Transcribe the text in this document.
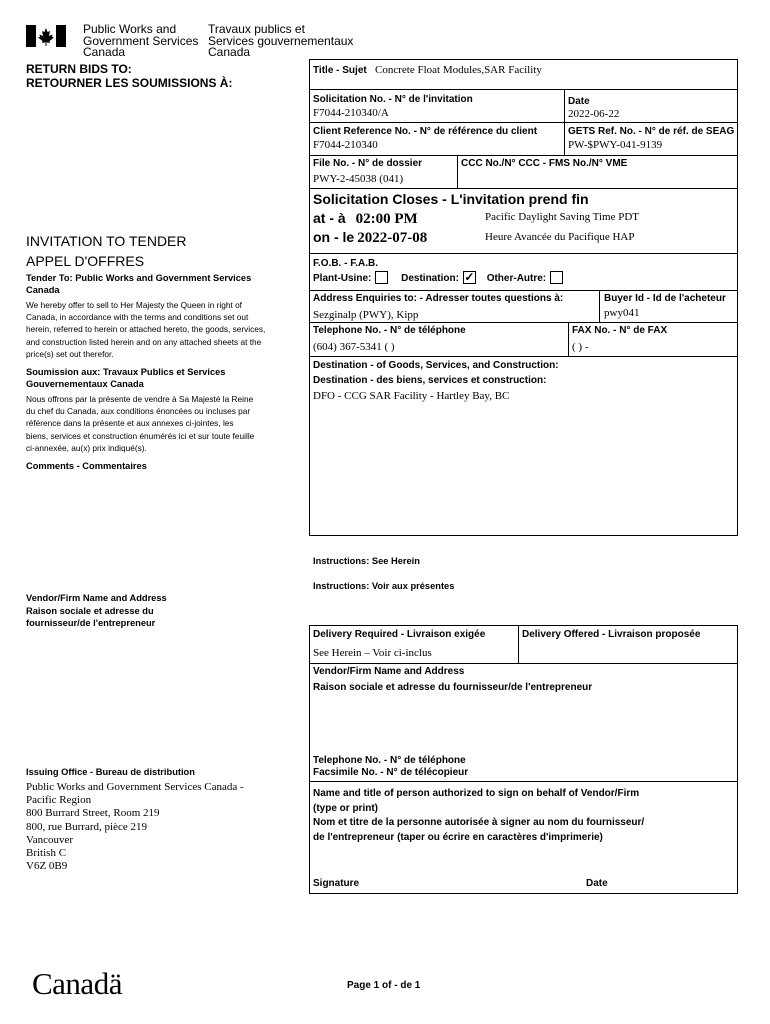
Public Works and
Government Services
Canada
Travaux publics et
Services gouvernementaux
Canada
RETURN BIDS TO:
RETOURNER LES SOUMISSIONS À:
INVITATION TO TENDER
APPEL D'OFFRES
Tender To: Public Works and Government Services Canada
We hereby offer to sell to Her Majesty the Queen in right of Canada, in accordance with the terms and conditions set out herein, referred to herein or attached hereto, the goods, services, and construction listed herein and on any attached sheets at the price(s) set out therefor.
Soumission aux: Travaux Publics et Services Gouvernementaux Canada
Nous offrons par la présente de vendre à Sa Majesté la Reine du chef du Canada, aux conditions énoncées ou incluses par référence dans la présente et aux annexes ci-jointes, les biens, services et construction énumérés ici et sur toute feuille ci-annexée, au(x) prix indiqué(s).
Comments - Commentaires
Vendor/Firm Name and Address
Raison sociale et adresse du
fournisseur/de l'entrepreneur
Issuing Office - Bureau de distribution
Public Works and Government Services Canada -
Pacific Region
800 Burrard Street, Room 219
800, rue Burrard, pièce 219
Vancouver
British C
V6Z 0B9
Title - Sujet Concrete Float Modules,SAR Facility
Solicitation No. - N° de l'invitation
F7044-210340/A
Date
2022-06-22
Client Reference No. - N° de référence du client
F7044-210340
GETS Ref. No. - N° de réf. de SEAG
PW-$PWY-041-9139
File No. - N° de dossier
PWY-2-45038 (041)
CCC No./N° CCC - FMS No./N° VME
Solicitation Closes - L'invitation prend fin
at - à 02:00 PM
on - le 2022-07-08
Pacific Daylight Saving Time PDT
Heure Avancée du Pacifique HAP
F.O.B. - F.A.B.
Plant-Usine:	Destination: ✓ Other-Autre:
Address Enquiries to: - Adresser toutes questions à:
Sezginalp (PWY), Kipp
Buyer Id - Id de l'acheteur
pwy041
Telephone No. - N° de téléphone
(604) 367-5341 ( )
FAX No. - N° de FAX
( ) -
Destination - of Goods, Services, and Construction:
Destination - des biens, services et construction:
DFO - CCG SAR Facility - Hartley Bay, BC
Instructions: See Herein
Instructions: Voir aux présentes
Delivery Required - Livraison exigée
See Herein – Voir ci-inclus
Delivery Offered - Livraison proposée
Vendor/Firm Name and Address
Raison sociale et adresse du fournisseur/de l'entrepreneur
Telephone No. - N° de téléphone
Facsimile No. - N° de télécopieur
Name and title of person authorized to sign on behalf of Vendor/Firm
(type or print)
Nom et titre de la personne autorisée à signer au nom du fournisseur/
de l'entrepreneur (taper ou écrire en caractères d'imprimerie)
Signature	Date
Canadä	Page 1 of - de 1
